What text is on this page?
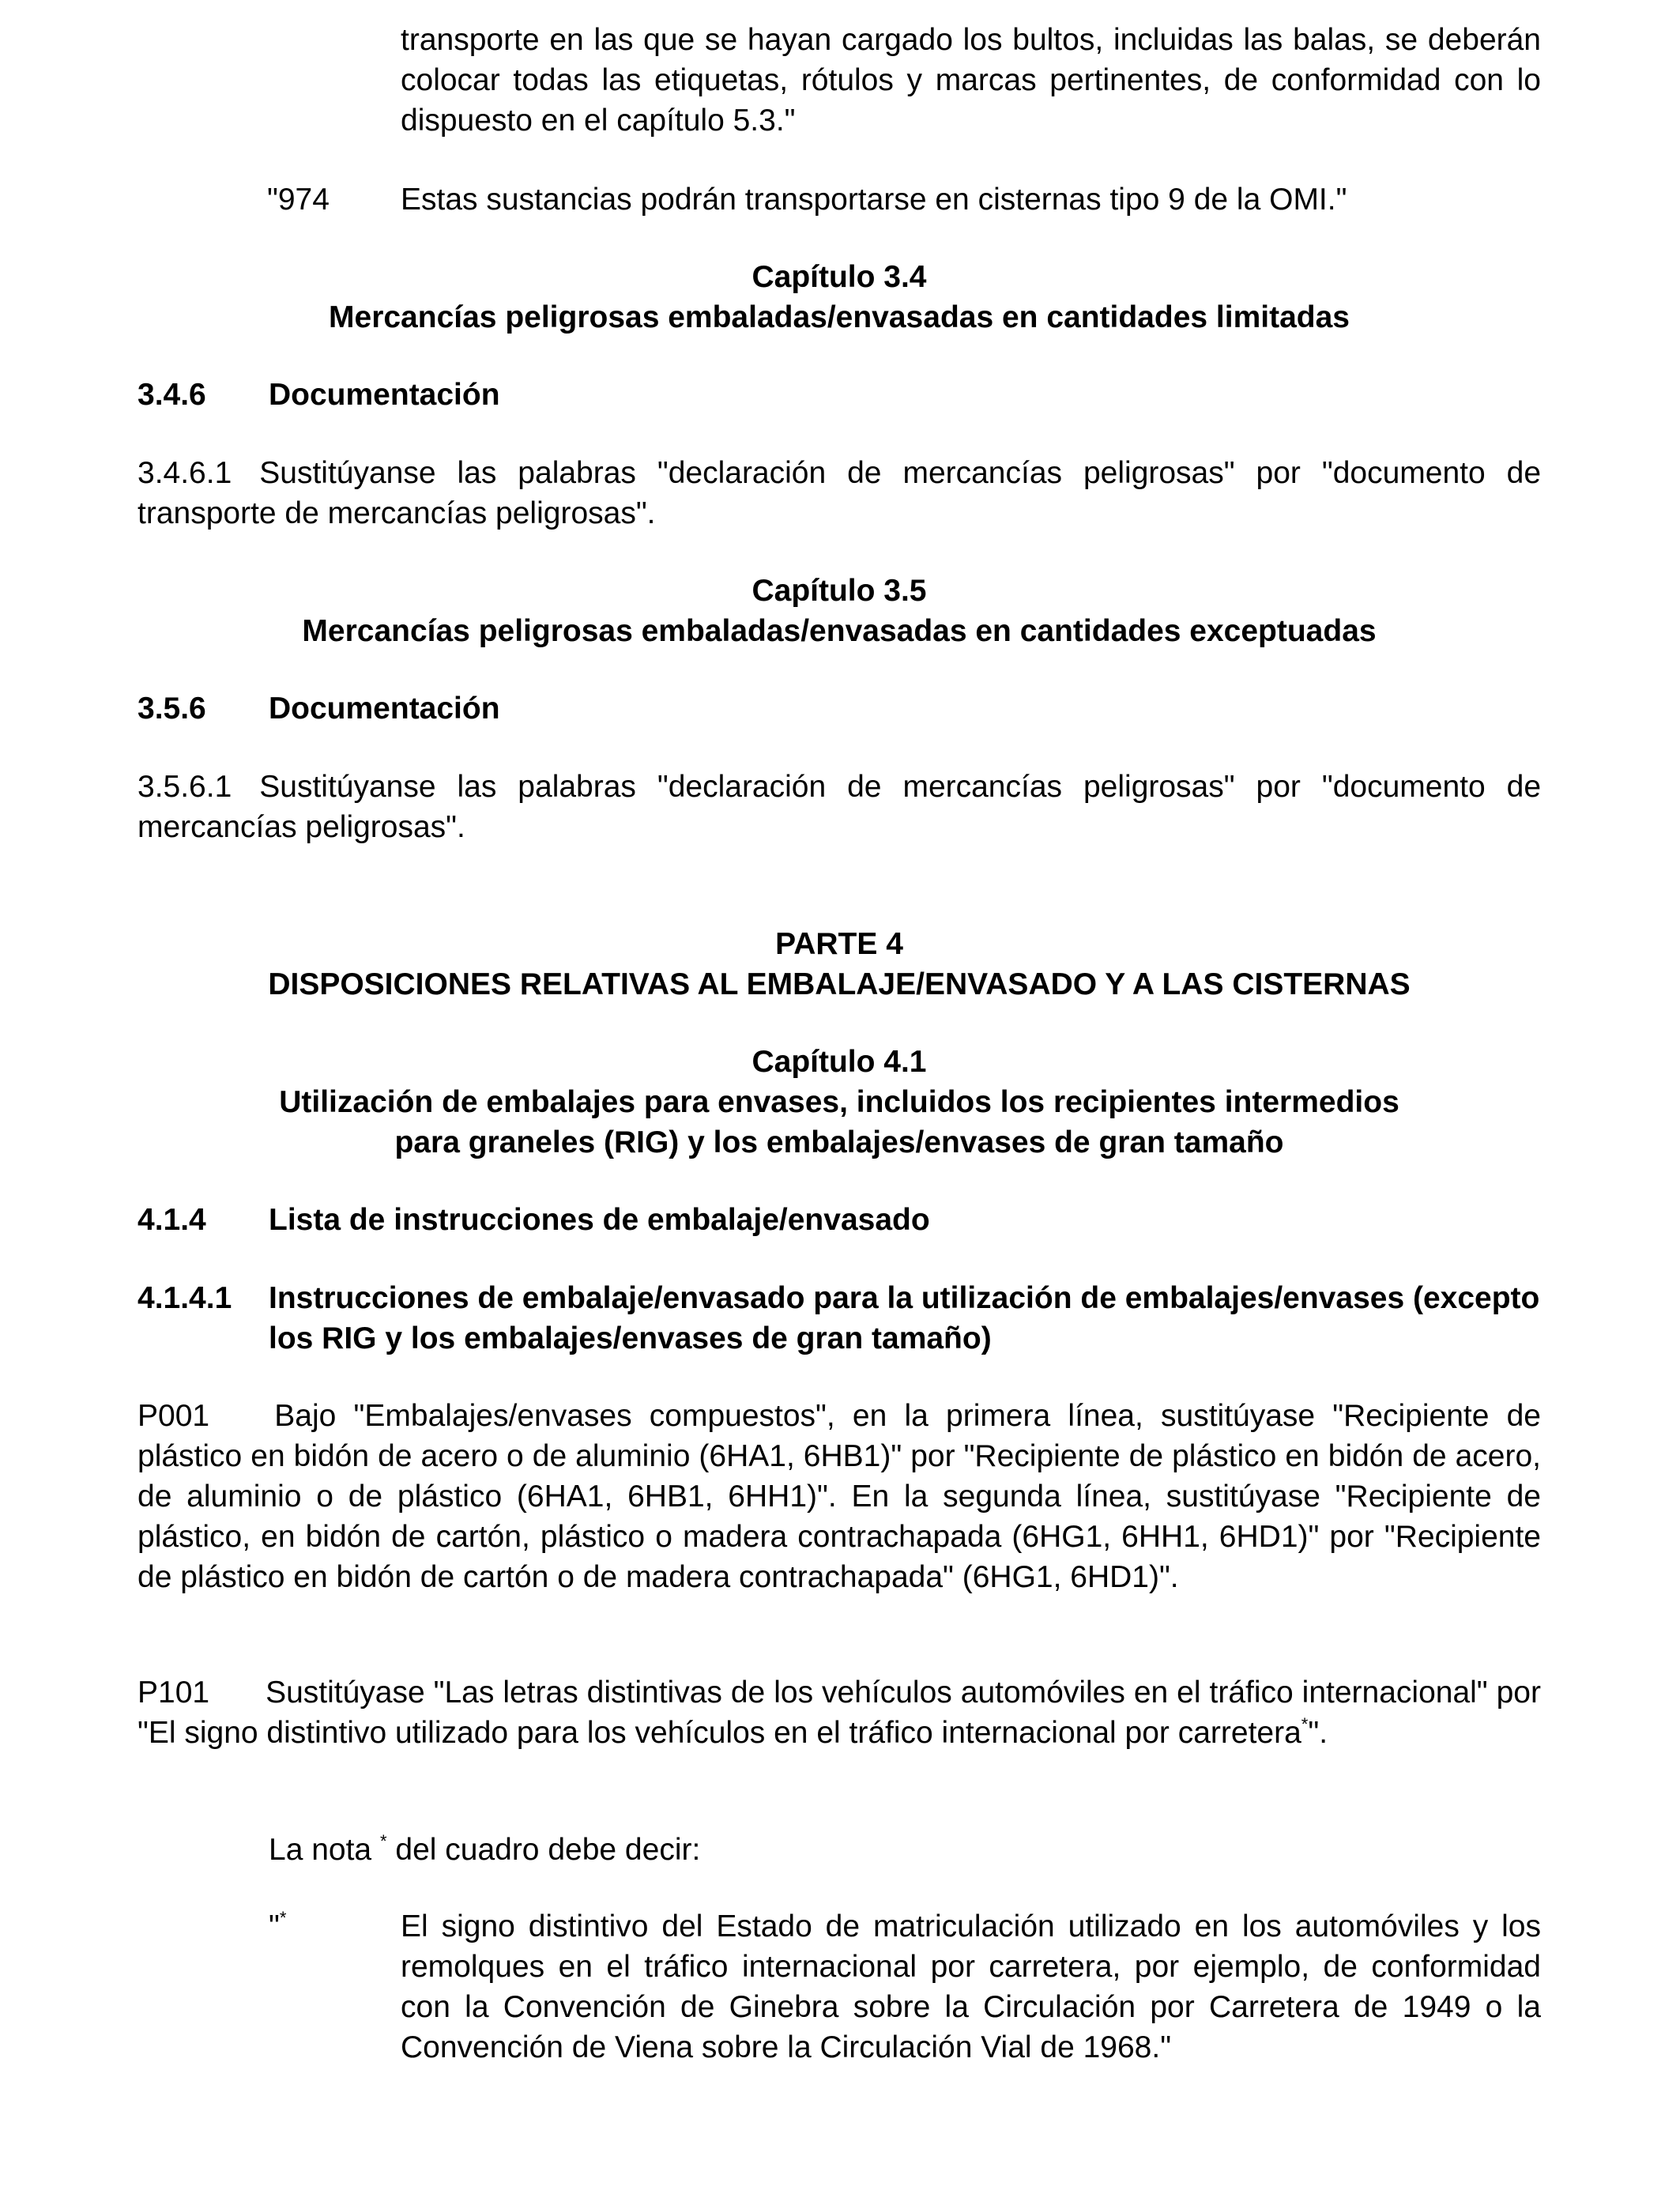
transporte en las que se hayan cargado los bultos, incluidas las balas, se deberán colocar todas las etiquetas, rótulos y marcas pertinentes, de conformidad con lo dispuesto en el capítulo 5.3."

"974 Estas sustancias podrán transportarse en cisternas tipo 9 de la OMI."

Capítulo 3.4
Mercancías peligrosas embaladas/envasadas en cantidades limitadas
3.4.6 Documentación

3.4.6.1 Sustitúyanse las palabras "declaración de mercancías peligrosas" por "documento de transporte de mercancías peligrosas".

Capítulo 3.5
Mercancías peligrosas embaladas/envasadas en cantidades exceptuadas
3.5.6 Documentación

3.5.6.1 Sustitúyanse las palabras "declaración de mercancías peligrosas" por "documento de mercancías peligrosas".

PARTE 4
DISPOSICIONES RELATIVAS AL EMBALAJE/ENVASADO Y A LAS CISTERNAS
Capítulo 4.1
Utilización de embalajes para envases, incluidos los recipientes intermedios
para graneles (RIG) y los embalajes/envases de gran tamaño
4.1.4 Lista de instrucciones de embalaje/envasado
4.1.4.1 Instrucciones de embalaje/envasado para la utilización de embalajes/envases (excepto los RIG y los embalajes/envases de gran tamaño)

P001 Bajo "Embalajes/envases compuestos", en la primera línea, sustitúyase "Recipiente de plástico en bidón de acero o de aluminio (6HA1, 6HB1)" por "Recipiente de plástico en bidón de acero, de aluminio o de plástico (6HA1, 6HB1, 6HH1)". En la segunda línea, sustitúyase "Recipiente de plástico, en bidón de cartón, plástico o madera contrachapada (6HG1, 6HH1, 6HD1)" por "Recipiente de plástico en bidón de cartón o de madera contrachapada" (6HG1, 6HD1)".

P101 Sustitúyase "Las letras distintivas de los vehículos automóviles en el tráfico internacional" por "El signo distintivo utilizado para los vehículos en el tráfico internacional por carretera*".

La nota * del cuadro debe decir:

"*	El signo distintivo del Estado de matriculación utilizado en los automóviles y los remolques en el tráfico internacional por carretera, por ejemplo, de conformidad con la Convención de Ginebra sobre la Circulación por Carretera de 1949 o la Convención de Viena sobre la Circulación Vial de 1968."
